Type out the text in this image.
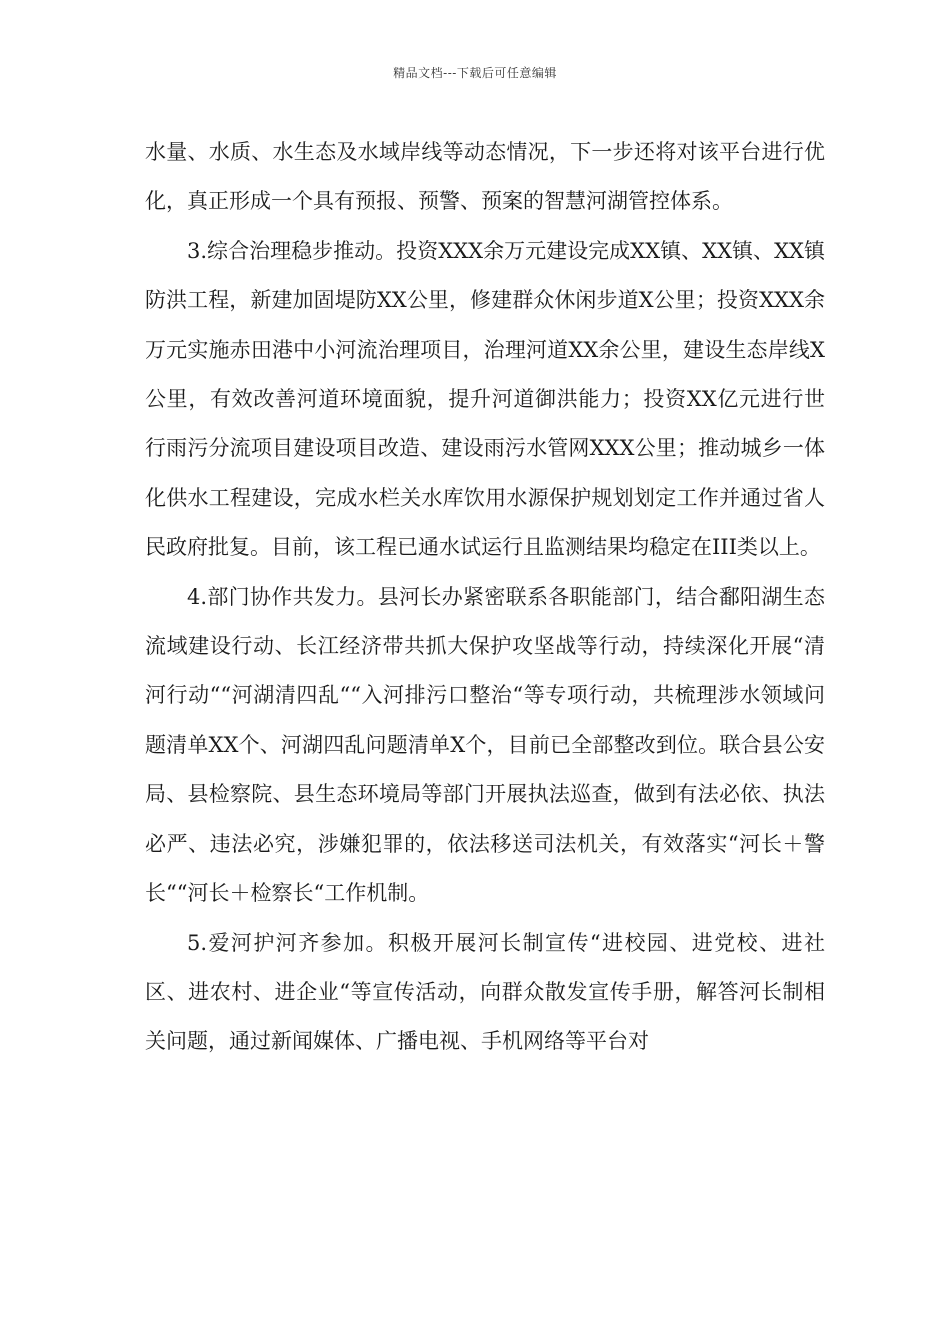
精品文档---下载后可任意编辑

水量、水质、水生态及水域岸线等动态情况，下一步还将对该平台进行优化，真正形成一个具有预报、预警、预案的智慧河湖管控体系。

3.综合治理稳步推动。投资XXX余万元建设完成XX镇、XX镇、XX镇防洪工程，新建加固堤防XX公里，修建群众休闲步道X公里；投资XXX余万元实施赤田港中小河流治理项目，治理河道XX余公里，建设生态岸线X公里，有效改善河道环境面貌，提升河道御洪能力；投资XX亿元进行世行雨污分流项目建设项目改造、建设雨污水管网XXX公里；推动城乡一体化供水工程建设，完成水栏关水库饮用水源保护规划划定工作并通过省人民政府批复。目前，该工程已通水试运行且监测结果均稳定在III类以上。

4.部门协作共发力。县河长办紧密联系各职能部门，结合鄱阳湖生态流域建设行动、长江经济带共抓大保护攻坚战等行动，持续深化开展“清河行动““河湖清四乱““入河排污口整治“等专项行动，共梳理涉水领域问题清单XX个、河湖四乱问题清单X个，目前已全部整改到位。联合县公安局、县检察院、县生态环境局等部门开展执法巡查，做到有法必依、执法必严、违法必究，涉嫌犯罪的，依法移送司法机关，有效落实“河长＋警长““河长＋检察长“工作机制。

5.爱河护河齐参加。积极开展河长制宣传“进校园、进党校、进社区、进农村、进企业“等宣传活动，向群众散发宣传手册，解答河长制相关问题，通过新闻媒体、广播电视、手机网络等平台对
